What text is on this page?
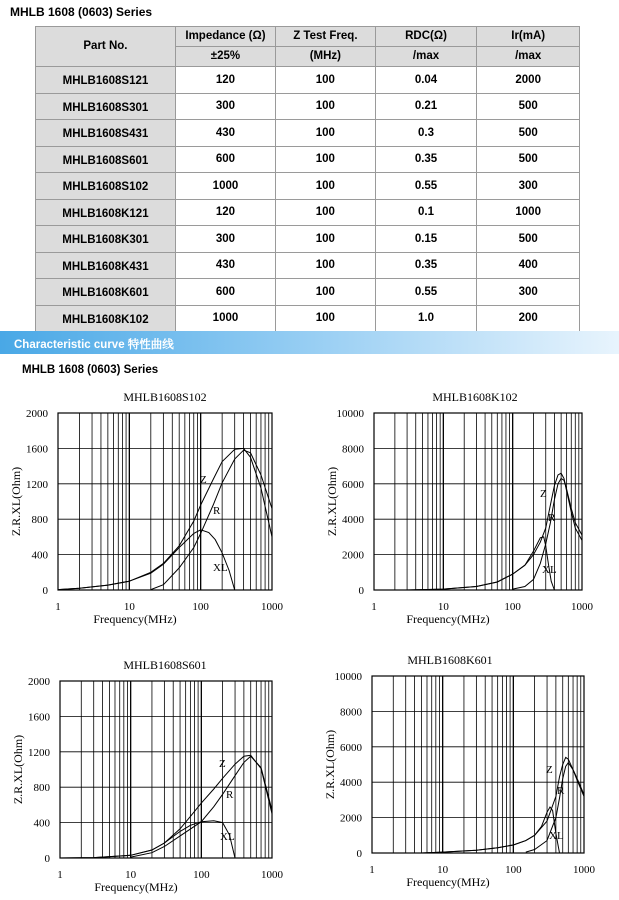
MHLB 1608 (0603) Series
Part No.	Impedance (Ω)	Z Test Freq.	RDC(Ω)	Ir(mA)
	±25%	(MHz)	/max	/max
MHLB1608S121	120	100	0.04	2000
MHLB1608S301	300	100	0.21	500
MHLB1608S431	430	100	0.3	500
MHLB1608S601	600	100	0.35	500
MHLB1608S102	1000	100	0.55	300
MHLB1608K121	120	100	0.1	1000
MHLB1608K301	300	100	0.15	500
MHLB1608K431	430	100	0.35	400
MHLB1608K601	600	100	0.55	300
MHLB1608K102	1000	100	1.0	200
Characteristic curve 特性曲线
MHLB 1608 (0603) Series
MHLB1608S102
0
400
800
1200
1600
2000
1	10	100	1000
Frequency(MHz)
Z.R.XL(Ohm)	Z
R
XL
MHLB1608K102
0
2000
4000
6000
8000
10000
1	10	100	1000
Frequency(MHz)
Z.R.XL(Ohm)	Z
R
XL
MHLB1608S601
0
400
800
1200
1600
2000
1	10	100	1000
Frequency(MHz)
Z.R.XL(Ohm)	Z
R
XL
MHLB1608K601
0
2000
4000
6000
8000
10000
1	10	100	1000
Frequency(MHz)
Z.R.XL(Ohm)	Z
R
XL
